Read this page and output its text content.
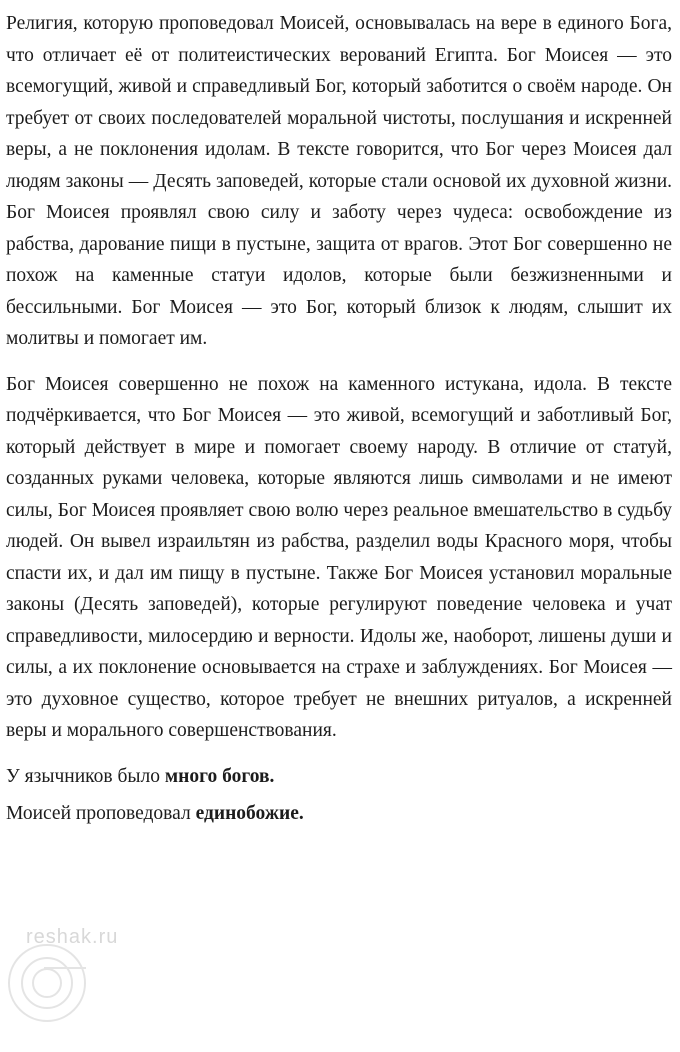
Религия, которую проповедовал Моисей, основывалась на вере в единого Бога, что отличает её от политеистических верований Египта. Бог Моисея — это всемогущий, живой и справедливый Бог, который заботится о своём народе. Он требует от своих последователей моральной чистоты, послушания и искренней веры, а не поклонения идолам. В тексте говорится, что Бог через Моисея дал людям законы — Десять заповедей, которые стали основой их духовной жизни. Бог Моисея проявлял свою силу и заботу через чудеса: освобождение из рабства, дарование пищи в пустыне, защита от врагов. Этот Бог совершенно не похож на каменные статуи идолов, которые были безжизненными и бессильными. Бог Моисея — это Бог, который близок к людям, слышит их молитвы и помогает им.

Бог Моисея совершенно не похож на каменного истукана, идола. В тексте подчёркивается, что Бог Моисея — это живой, всемогущий и заботливый Бог, который действует в мире и помогает своему народу. В отличие от статуй, созданных руками человека, которые являются лишь символами и не имеют силы, Бог Моисея проявляет свою волю через реальное вмешательство в судьбу людей. Он вывел израильтян из рабства, разделил воды Красного моря, чтобы спасти их, и дал им пищу в пустыне. Также Бог Моисея установил моральные законы (Десять заповедей), которые регулируют поведение человека и учат справедливости, милосердию и верности. Идолы же, наоборот, лишены души и силы, а их поклонение основывается на страхе и заблуждениях. Бог Моисея — это духовное существо, которое требует не внешних ритуалов, а искренней веры и морального совершенствования.

У язычников было много богов.

Моисей проповедовал единобожие.

reshak.ru
